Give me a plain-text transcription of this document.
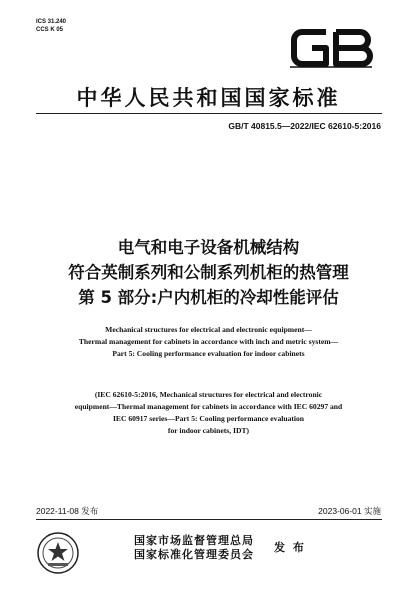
ICS 31.240
CCS K 05
中华人民共和国国家标准
GB/T 40815.5—2022/IEC 62610-5:2016
电气和电子设备机械结构
符合英制系列和公制系列机柜的热管理
第 5 部分:户内机柜的冷却性能评估
Mechanical structures for electrical and electronic equipment—
Thermal management for cabinets in accordance with inch and metric system—
Part 5: Cooling performance evaluation for indoor cabinets
(IEC 62610-5:2016, Mechanical structures for electrical and electronic
equipment—Thermal management for cabinets in accordance with IEC 60297 and
IEC 60917 series—Part 5: Cooling performance evaluation
for indoor cabinets, IDT)
2022-11-08 发布	2023-06-01 实施
国家市场监督管理总局
国家标准化管理委员会
发 布
